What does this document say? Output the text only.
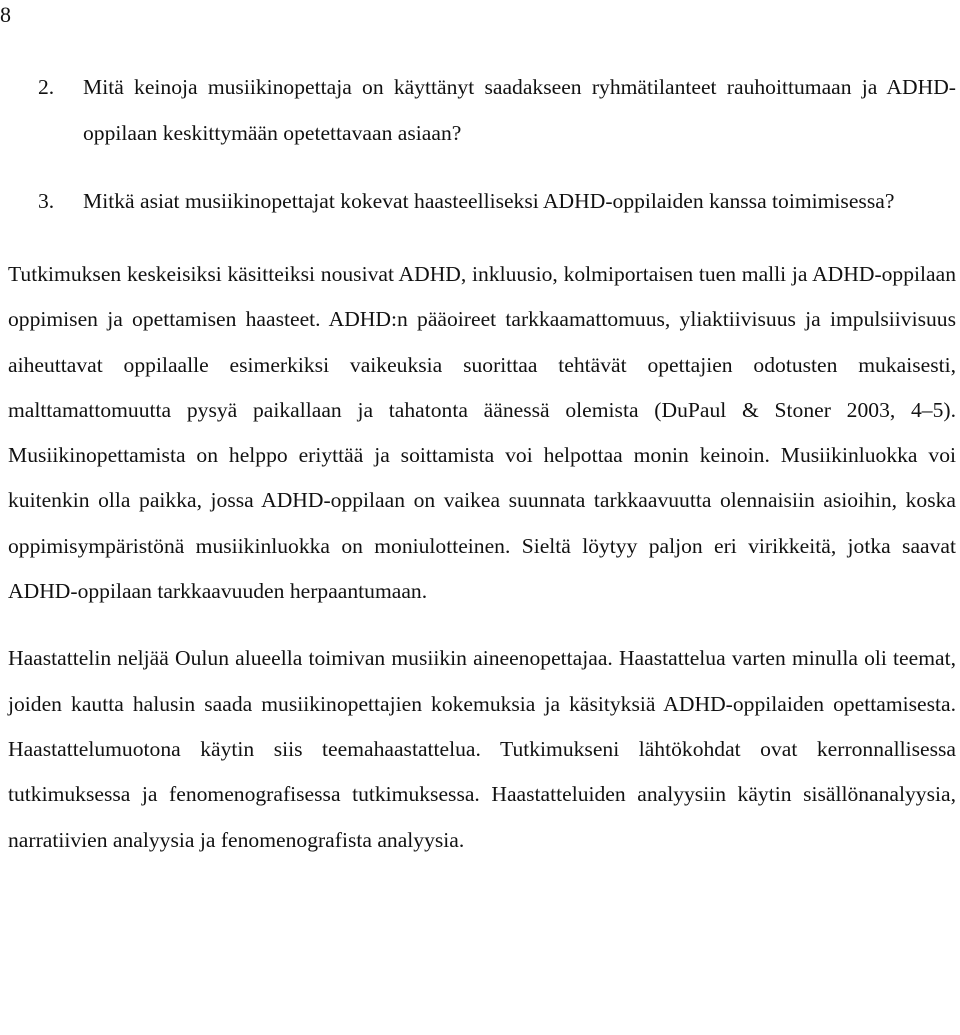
8
2. Mitä keinoja musiikinopettaja on käyttänyt saadakseen ryhmätilanteet rauhoittumaan ja ADHD-oppilaan keskittymään opetettavaan asiaan?
3. Mitkä asiat musiikinopettajat kokevat haasteelliseksi ADHD-oppilaiden kanssa toimimisessa?

Tutkimuksen keskeisiksi käsitteiksi nousivat ADHD, inkluusio, kolmiportaisen tuen malli ja ADHD-oppilaan oppimisen ja opettamisen haasteet. ADHD:n pääoireet tarkkaamattomuus, yliaktiivisuus ja impulsiivisuus aiheuttavat oppilaalle esimerkiksi vaikeuksia suorittaa tehtävät opettajien odotusten mukaisesti, malttamattomuutta pysyä paikallaan ja tahatonta äänessä olemista (DuPaul & Stoner 2003, 4–5). Musiikinopettamista on helppo eriyttää ja soittamista voi helpottaa monin keinoin. Musiikinluokka voi kuitenkin olla paikka, jossa ADHD-oppilaan on vaikea suunnata tarkkaavuutta olennaisiin asioihin, koska oppimisympäristönä musiikinluokka on moniulotteinen. Sieltä löytyy paljon eri virikkeitä, jotka saavat ADHD-oppilaan tarkkaavuuden herpaantumaan.

Haastattelin neljää Oulun alueella toimivan musiikin aineenopettajaa. Haastattelua varten minulla oli teemat, joiden kautta halusin saada musiikinopettajien kokemuksia ja käsityksiä ADHD-oppilaiden opettamisesta. Haastattelumuotona käytin siis teemahaastattelua. Tutkimukseni lähtökohdat ovat kerronnallisessa tutkimuksessa ja fenomenografisessa tutkimuksessa. Haastatteluiden analyysiin käytin sisällönanalyysia, narratiivien analyysia ja fenomenografista analyysia.
